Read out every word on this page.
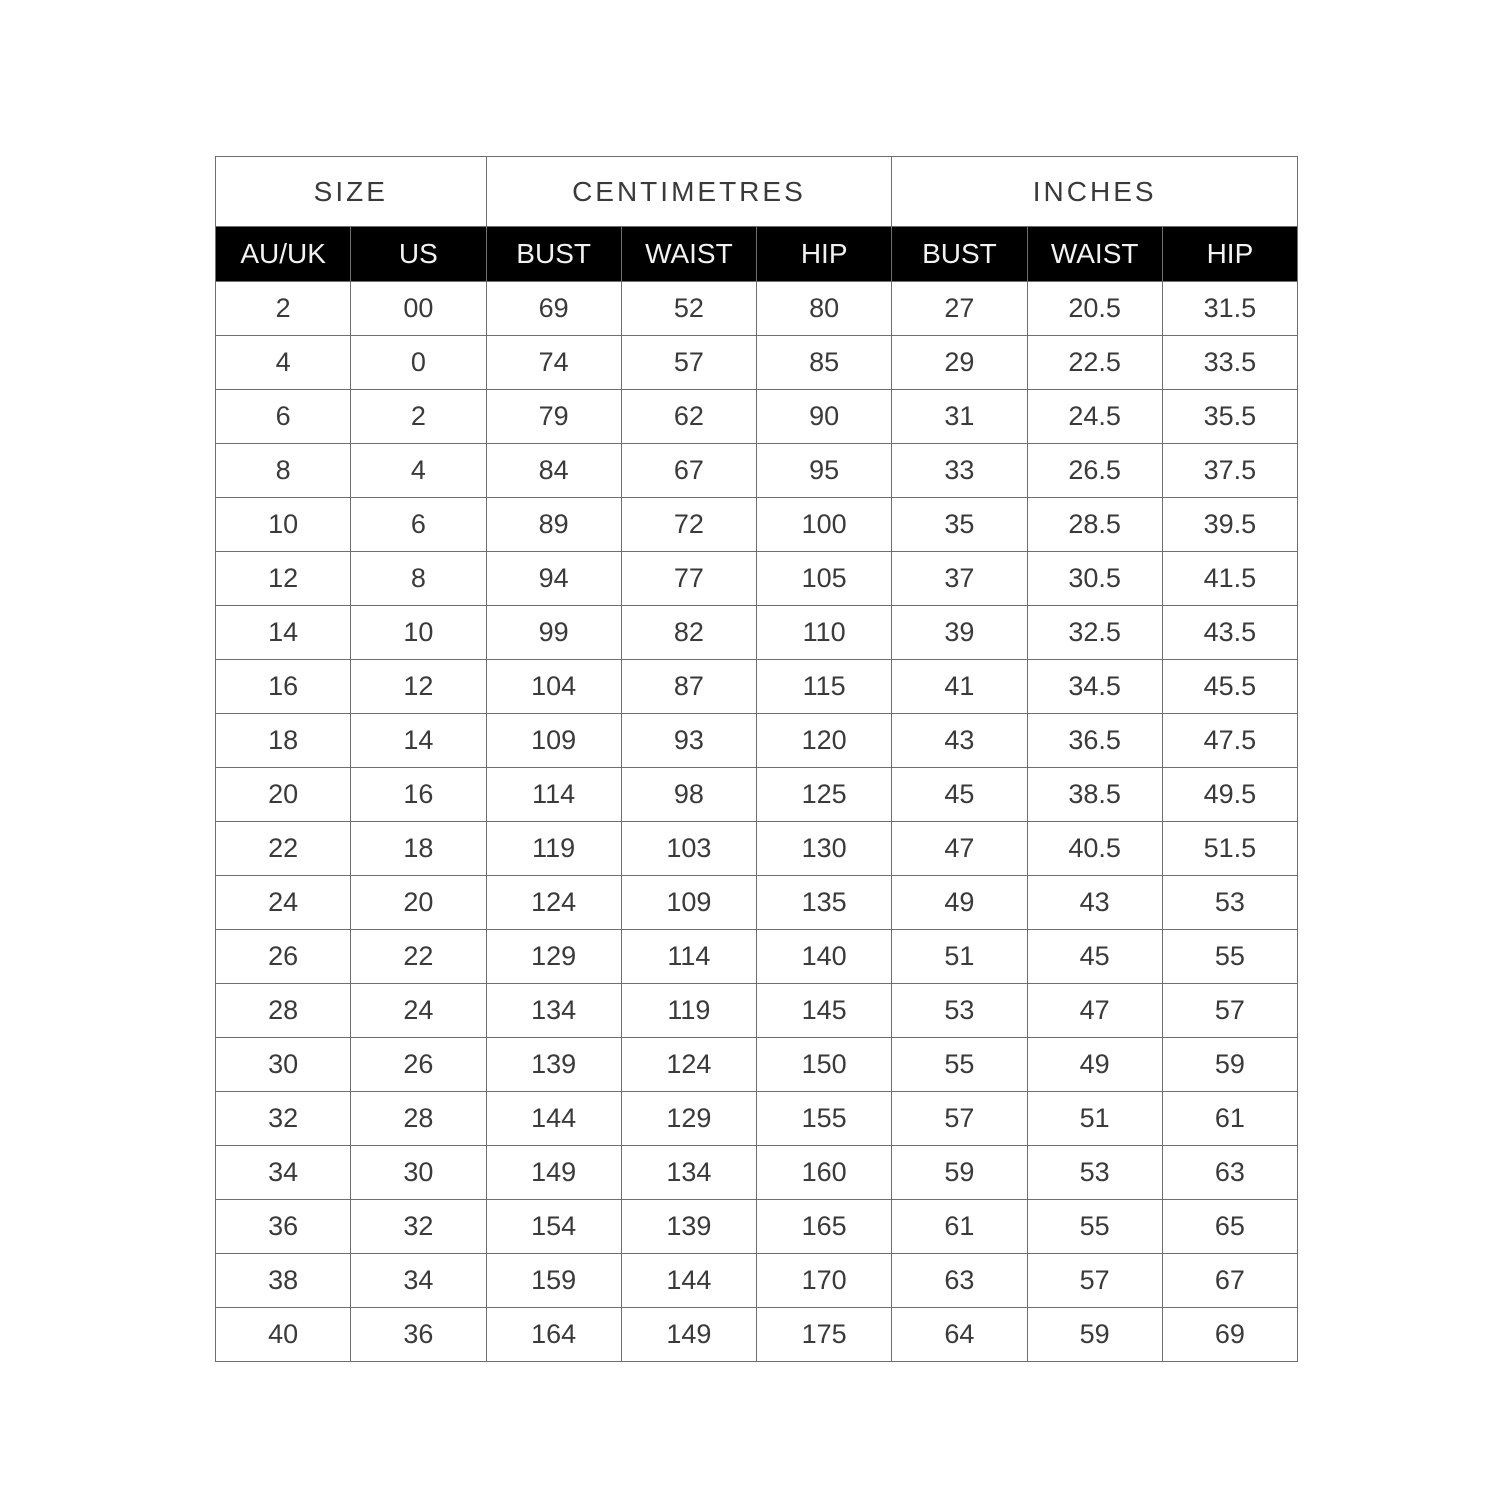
SIZE		CENTIMETRES			INCHES		
AU/UK	US	BUST	WAIST	HIP	BUST	WAIST	HIP
2	00	69	52	80	27	20.5	31.5
4	0	74	57	85	29	22.5	33.5
6	2	79	62	90	31	24.5	35.5
8	4	84	67	95	33	26.5	37.5
10	6	89	72	100	35	28.5	39.5
12	8	94	77	105	37	30.5	41.5
14	10	99	82	110	39	32.5	43.5
16	12	104	87	115	41	34.5	45.5
18	14	109	93	120	43	36.5	47.5
20	16	114	98	125	45	38.5	49.5
22	18	119	103	130	47	40.5	51.5
24	20	124	109	135	49	43	53
26	22	129	114	140	51	45	55
28	24	134	119	145	53	47	57
30	26	139	124	150	55	49	59
32	28	144	129	155	57	51	61
34	30	149	134	160	59	53	63
36	32	154	139	165	61	55	65
38	34	159	144	170	63	57	67
40	36	164	149	175	64	59	69
